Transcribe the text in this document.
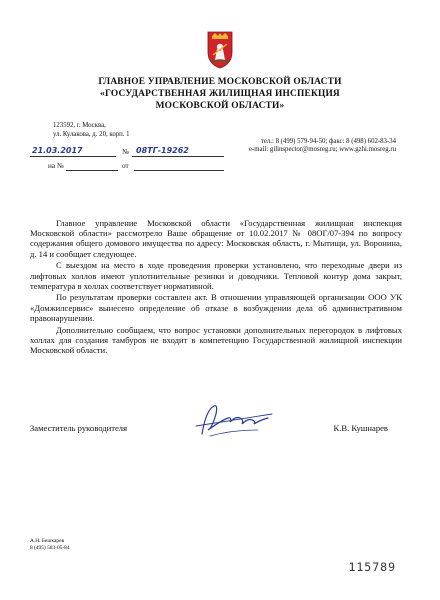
ГЛАВНОЕ УПРАВЛЕНИЕ МОСКОВСКОЙ ОБЛАСТИ
«ГОСУДАРСТВЕННАЯ ЖИЛИЩНАЯ ИНСПЕКЦИЯ
МОСКОВСКОЙ ОБЛАСТИ»
123592, г. Москва,
ул. Кулакова, д. 20, корп. 1
тел.: 8 (499) 579-94-50; факс: 8 (498) 602-83-34
e-mail: gilinspector@mosreg.ru; www.gzhi.mosreg.ru
21.03.2017	№ 08ТГ-19262
на №	от

Главное управление Московской области «Государственная жилищная инспекция Московской области» рассмотрело Ваше обращение от 10.02.2017 № 08ОГ/07-394 по вопросу содержания общего домового имущества по адресу: Московская область, г. Мытищи, ул. Воронина, д. 14 и сообщает следующее.

С выездом на место в ходе проведения проверки установлено, что переходные двери из лифтовых холлов имеют уплотнительные резинки и доводчики. Тепловой контур дома закрыт, температура в холлах соответствует нормативной.

По результатам проверки составлен акт. В отношении управляющей организации ООО УК «Домжилсервис» вынесено определение об отказе в возбуждении дела об административном правонарушении.

Дополнительно сообщаем, что вопрос установки дополнительных перегородок в лифтовых холлах для создания тамбуров не входит в компетенцию Государственной жилищной инспекции Московской области.

Заместитель руководителя	К.В. Кушнарев
А.Н. Бешкарев
8 (495) 583-05-84
115789
